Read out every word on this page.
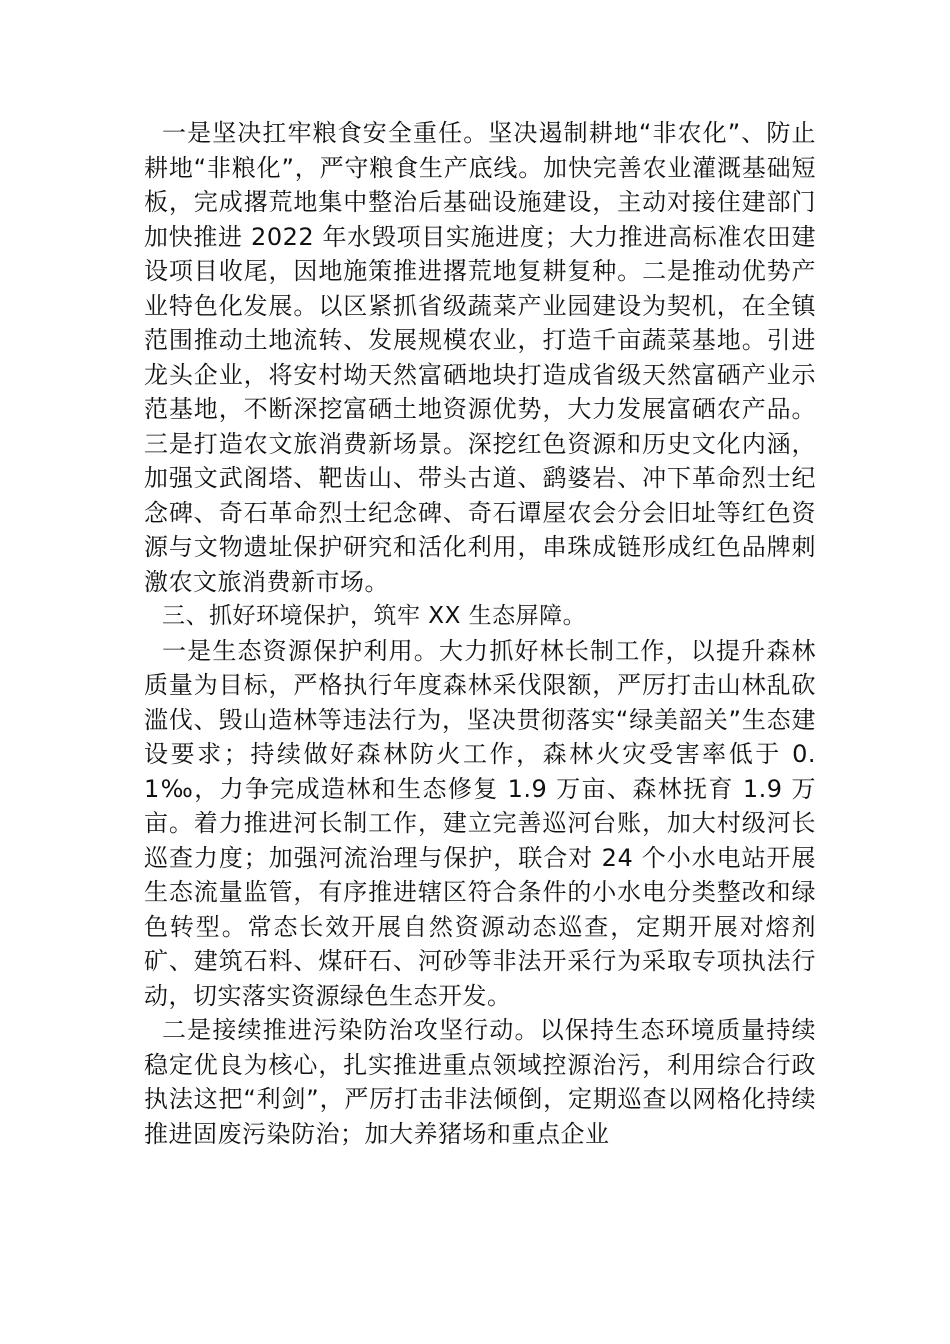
一是坚决扛牢粮食安全重任。坚决遏制耕地“非农化”、防止耕地“非粮化”，严守粮食生产底线。加快完善农业灌溉基础短板，完成撂荒地集中整治后基础设施建设，主动对接住建部门加快推进 2022 年水毁项目实施进度；大力推进高标准农田建设项目收尾，因地施策推进撂荒地复耕复种。二是推动优势产业特色化发展。以区紧抓省级蔬菜产业园建设为契机，在全镇范围推动土地流转、发展规模农业，打造千亩蔬菜基地。引进龙头企业，将安村坳天然富硒地块打造成省级天然富硒产业示范基地，不断深挖富硒土地资源优势，大力发展富硒农产品。三是打造农文旅消费新场景。深挖红色资源和历史文化内涵，加强文武阁塔、靶齿山、带头古道、鹞婆岩、冲下革命烈士纪念碑、奇石革命烈士纪念碑、奇石谭屋农会分会旧址等红色资源与文物遗址保护研究和活化利用，串珠成链形成红色品牌刺激农文旅消费新市场。

三、抓好环境保护，筑牢 XX 生态屏障。

一是生态资源保护利用。大力抓好林长制工作，以提升森林质量为目标，严格执行年度森林采伐限额，严厉打击山林乱砍滥伐、毁山造林等违法行为，坚决贯彻落实“绿美韶关”生态建设要求；持续做好森林防火工作，森林火灾受害率低于 0.1‰，力争完成造林和生态修复 1.9 万亩、森林抚育 1.9 万亩。着力推进河长制工作，建立完善巡河台账，加大村级河长巡查力度；加强河流治理与保护，联合对 24 个小水电站开展生态流量监管，有序推进辖区符合条件的小水电分类整改和绿色转型。常态长效开展自然资源动态巡查，定期开展对熔剂矿、建筑石料、煤矸石、河砂等非法开采行为采取专项执法行动，切实落实资源绿色生态开发。

二是接续推进污染防治攻坚行动。以保持生态环境质量持续稳定优良为核心，扎实推进重点领域控源治污，利用综合行政执法这把“利剑”，严厉打击非法倾倒，定期巡查以网格化持续推进固废污染防治；加大养猪场和重点企业
